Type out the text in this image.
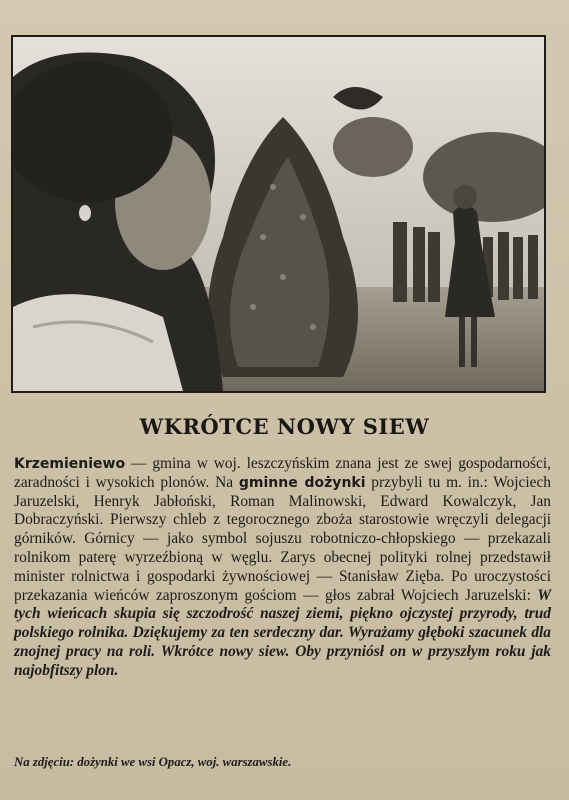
WKRÓTCE NOWY SIEW

Krzemieniewo — gmina w woj. leszczyńskim znana jest ze swej gospodarności, zaradności i wysokich plonów. Na gminne dożynki przybyli tu m. in.: Wojciech Jaruzelski, Henryk Jabłoński, Roman Malinowski, Edward Kowalczyk, Jan Dobraczyński. Pierwszy chleb z tegorocznego zboża starostowie wręczyli delegacji górników. Górnicy — jako symbol sojuszu robotniczo-chłopskiego — przekazali rolnikom paterę wyrzeźbioną w węglu. Zarys obecnej polityki rolnej przedstawił minister rolnictwa i gospodarki żywnościowej — Stanisław Zięba. Po uroczystości przekazania wieńców zaproszonym gościom — głos zabrał Wojciech Jaruzelski: W tych wieńcach skupia się szczodrość naszej ziemi, piękno ojczystej przyrody, trud polskiego rolnika. Dziękujemy za ten serdeczny dar. Wyrażamy głęboki szacunek dla znojnej pracy na roli. Wkrótce nowy siew. Oby przyniósł on w przyszłym roku jak najobfitszy plon.

Na zdjęciu: dożynki we wsi Opacz, woj. warszawskie.
